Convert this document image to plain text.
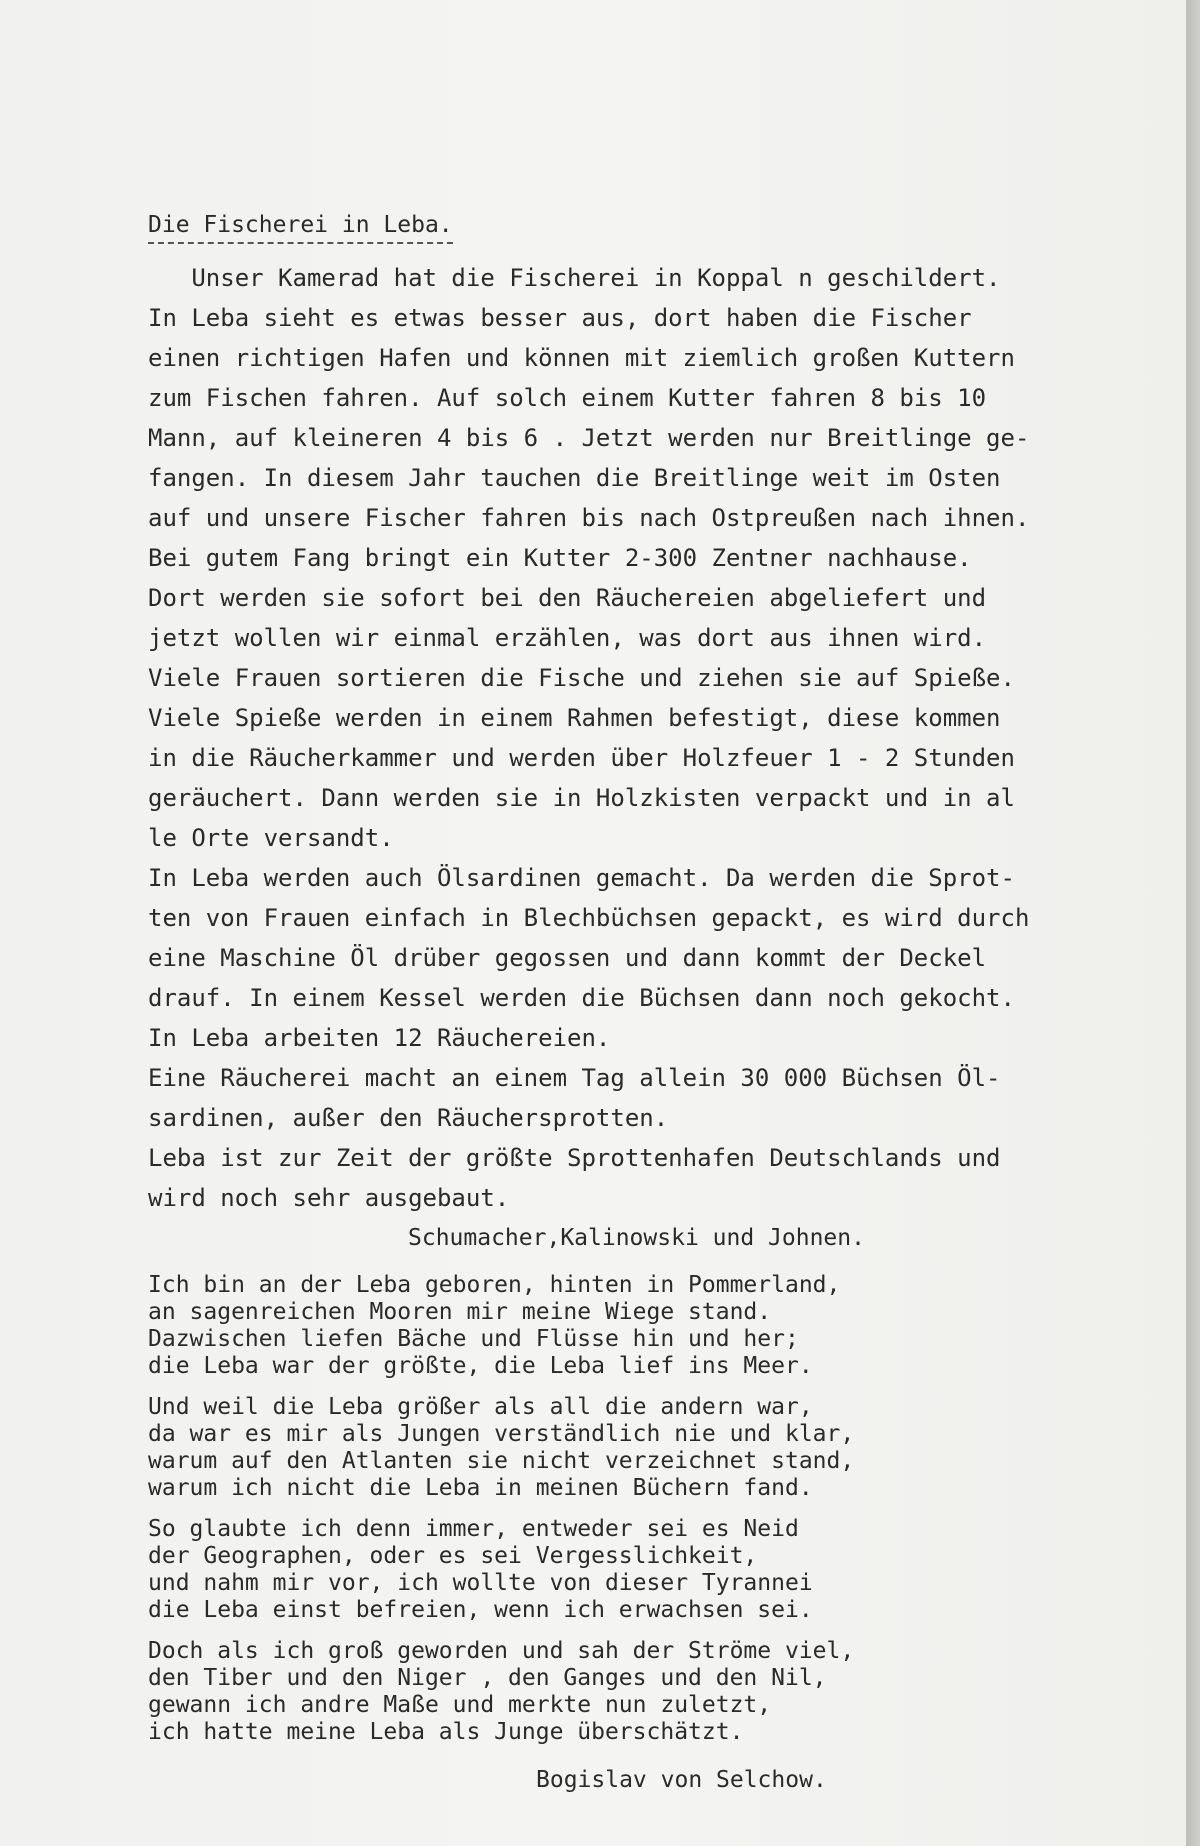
Die Fischerei in Leba.
Unser Kamerad hat die Fischerei in Koppal n geschildert.
In Leba sieht es etwas besser aus, dort haben die Fischer
einen richtigen Hafen und können mit ziemlich großen Kuttern
zum Fischen fahren. Auf solch einem Kutter fahren 8 bis 10
Mann, auf kleineren 4 bis 6 . Jetzt werden nur Breitlinge ge-
fangen. In diesem Jahr tauchen die Breitlinge weit im Osten
auf und unsere Fischer fahren bis nach Ostpreußen nach ihnen.
Bei gutem Fang bringt ein Kutter 2-300 Zentner nachhause.
Dort werden sie sofort bei den Räuchereien abgeliefert und
jetzt wollen wir einmal erzählen, was dort aus ihnen wird.
Viele Frauen sortieren die Fische und ziehen sie auf Spieße.
Viele Spieße werden in einem Rahmen befestigt, diese kommen
in die Räucherkammer und werden über Holzfeuer 1 - 2 Stunden
geräuchert. Dann werden sie in Holzkisten verpackt und in al
le Orte versandt.
In Leba werden auch Ölsardinen gemacht. Da werden die Sprot-
ten von Frauen einfach in Blechbüchsen gepackt, es wird durch
eine Maschine Öl drüber gegossen und dann kommt der Deckel
drauf. In einem Kessel werden die Büchsen dann noch gekocht.
In Leba arbeiten 12 Räuchereien.
Eine Räucherei macht an einem Tag allein 30 000 Büchsen Öl-
sardinen, außer den Räuchersprotten.
Leba ist zur Zeit der größte Sprottenhafen Deutschlands und
wird noch sehr ausgebaut.
Schumacher,Kalinowski und Johnen.
Ich bin an der Leba geboren, hinten in Pommerland,
an sagenreichen Mooren mir meine Wiege stand.
Dazwischen liefen Bäche und Flüsse hin und her;
die Leba war der größte, die Leba lief ins Meer.
Und weil die Leba größer als all die andern war,
da war es mir als Jungen verständlich nie und klar,
warum auf den Atlanten sie nicht verzeichnet stand,
warum ich nicht die Leba in meinen Büchern fand.
So glaubte ich denn immer, entweder sei es Neid
der Geographen, oder es sei Vergesslichkeit,
und nahm mir vor, ich wollte von dieser Tyrannei
die Leba einst befreien, wenn ich erwachsen sei.
Doch als ich groß geworden und sah der Ströme viel,
den Tiber und den Niger , den Ganges und den Nil,
gewann ich andre Maße und merkte nun zuletzt,
ich hatte meine Leba als Junge überschätzt.
Bogislav von Selchow.
